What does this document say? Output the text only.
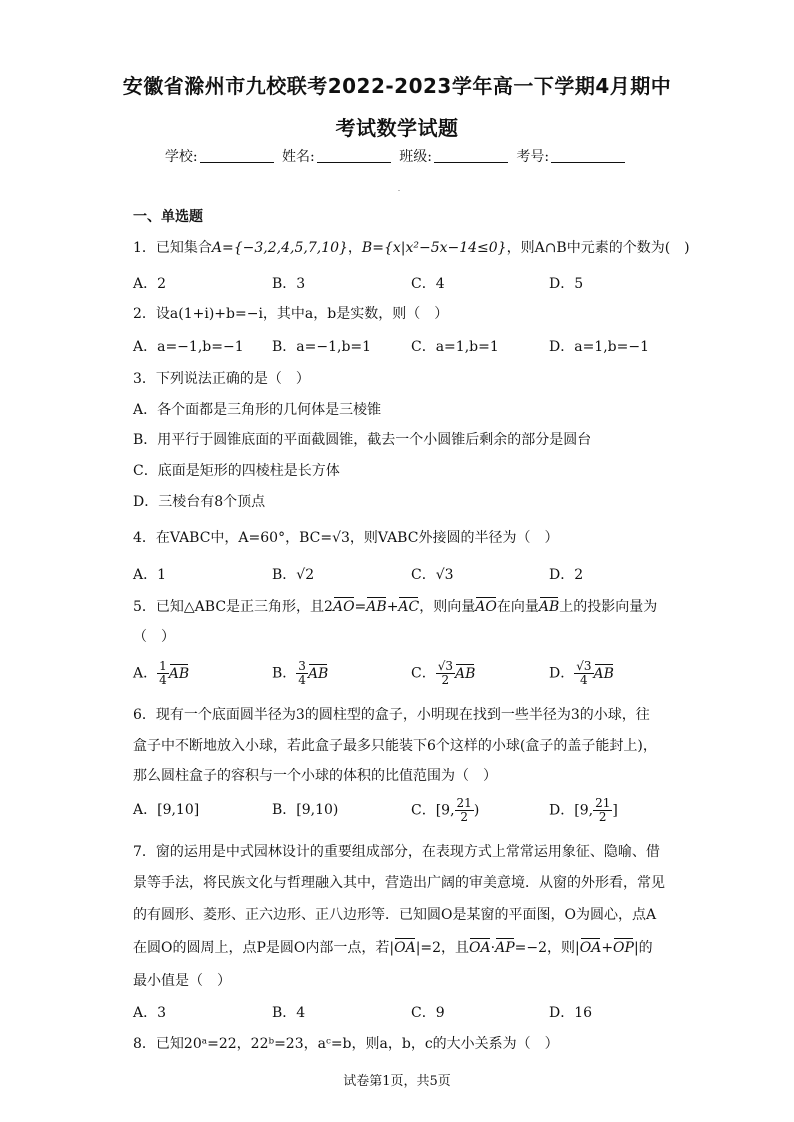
安徽省滁州市九校联考2022-2023学年高一下学期4月期中
考试数学试题
学校:	姓名:	班级:	考号:
一、单选题
1．已知集合A={−3,2,4,5,7,10}，B={x|x²−5x−14≤0}，则A∩B中元素的个数为(　)
A．2	B．3	C．4	D．5
2．设a(1+i)+b=−i，其中a，b是实数，则（　）
A．a=−1,b=−1 B．a=−1,b=1	C．a=1,b=1	D．a=1,b=−1
3．下列说法正确的是（　）
A．各个面都是三角形的几何体是三棱锥
B．用平行于圆锥底面的平面截圆锥，截去一个小圆锥后剩余的部分是圆台
C．底面是矩形的四棱柱是长方体
D．三棱台有8个顶点
4．在VABC中，A=60°，BC=√3，则VABC外接圆的半径为（　）
A．1	B．√2	C．√3	D．2
5．已知△ABC是正三角形，且2AO=AB+AC，则向量AO在向量AB上的投影向量为
（　）
A． $\frac{1}{4}$ AB	B． $\frac{3}{4}$ AB	C． $\frac{√3}{2}$ AB	D． $\frac{√3}{4}$ AB
6．现有一个底面圆半径为3的圆柱型的盒子，小明现在找到一些半径为3的小球，往
盒子中不断地放入小球，若此盒子最多只能装下6个这样的小球(盒子的盖子能封上)，
那么圆柱盒子的容积与一个小球的体积的比值范围为（　）
A．[9,10]	B．[9,10)	C．[9, $\frac{21}{2}$ )	D．[9, $\frac{21}{2}$ ]
7．窗的运用是中式园林设计的重要组成部分，在表现方式上常常运用象征、隐喻、借
景等手法，将民族文化与哲理融入其中，营造出广阔的审美意境．从窗的外形看，常见
的有圆形、菱形、正六边形、正八边形等．已知圆O是某窗的平面图，O为圆心，点A
在圆O的圆周上，点P是圆O内部一点，若|OA|=2，且OA·AP=−2，则|OA+OP|的
最小值是（　）
A．3	B．4	C．9	D．16
8．已知20ᵃ=22，22ᵇ=23，aᶜ=b，则a，b，c的大小关系为（　）
试卷第1页，共5页
